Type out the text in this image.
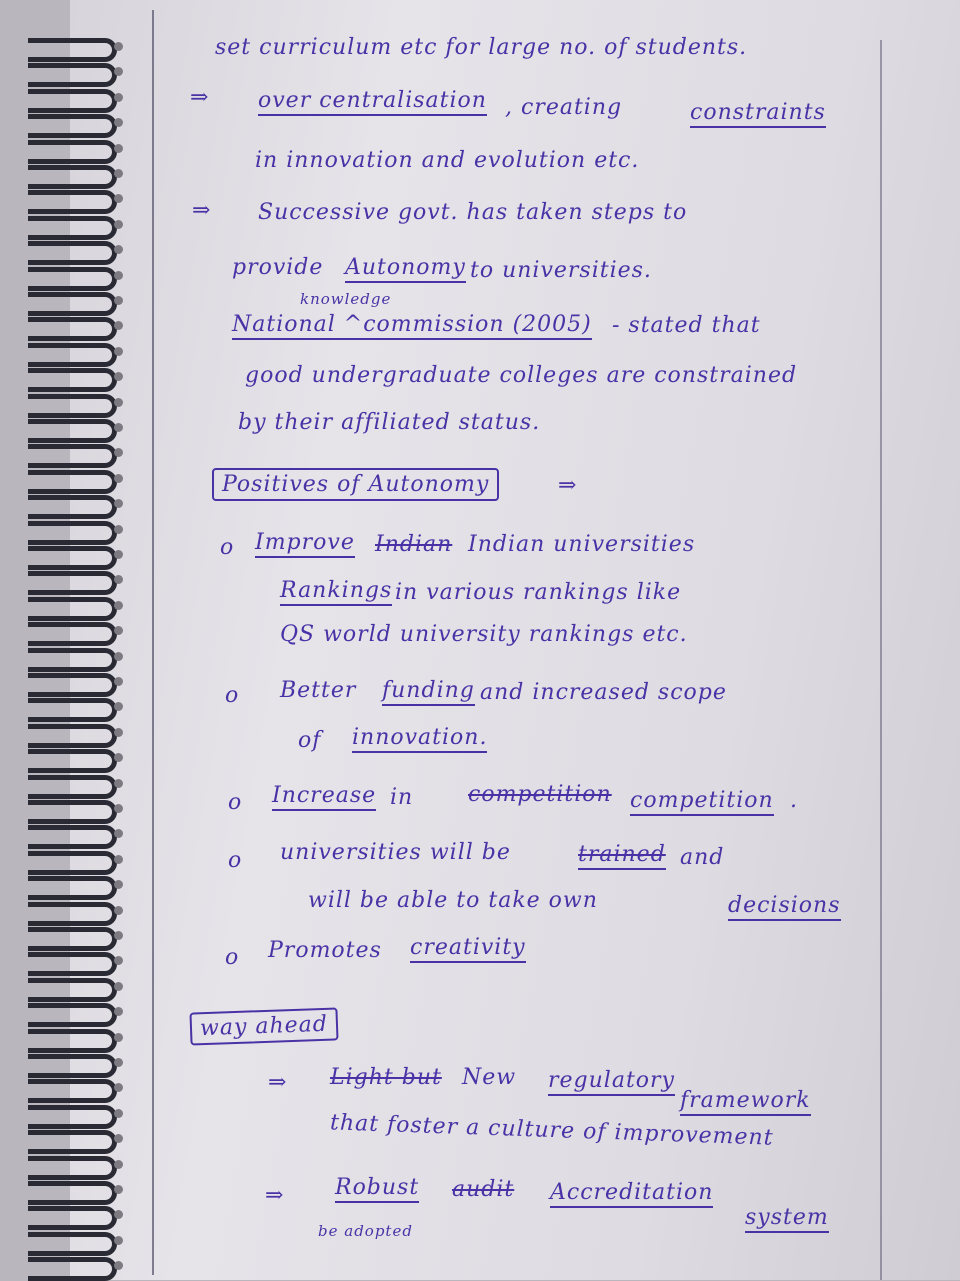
set curriculum etc for large no. of students.
⇒ over centralisation , creating	constraints
in innovation and evolution etc.
⇒ Successive govt. has taken steps to
provide Autonomy to universities.
knowledge
National ^commission (2005) - stated that
good undergraduate colleges are constrained
by their affiliated status.
Positives of Autonomy	⇒
o Improve Indian Indian universities
Rankings in various rankings like
QS world university rankings etc.
o Better funding and increased scope
of innovation.
o Increase in competition competition .
o universities will be	trained and
will be able to take own	decisions
o Promotes creativity
way ahead
⇒ Light but New regulatory
framework
that foster a culture of improvement
⇒ Robust audit Accreditation
system
be adopted
